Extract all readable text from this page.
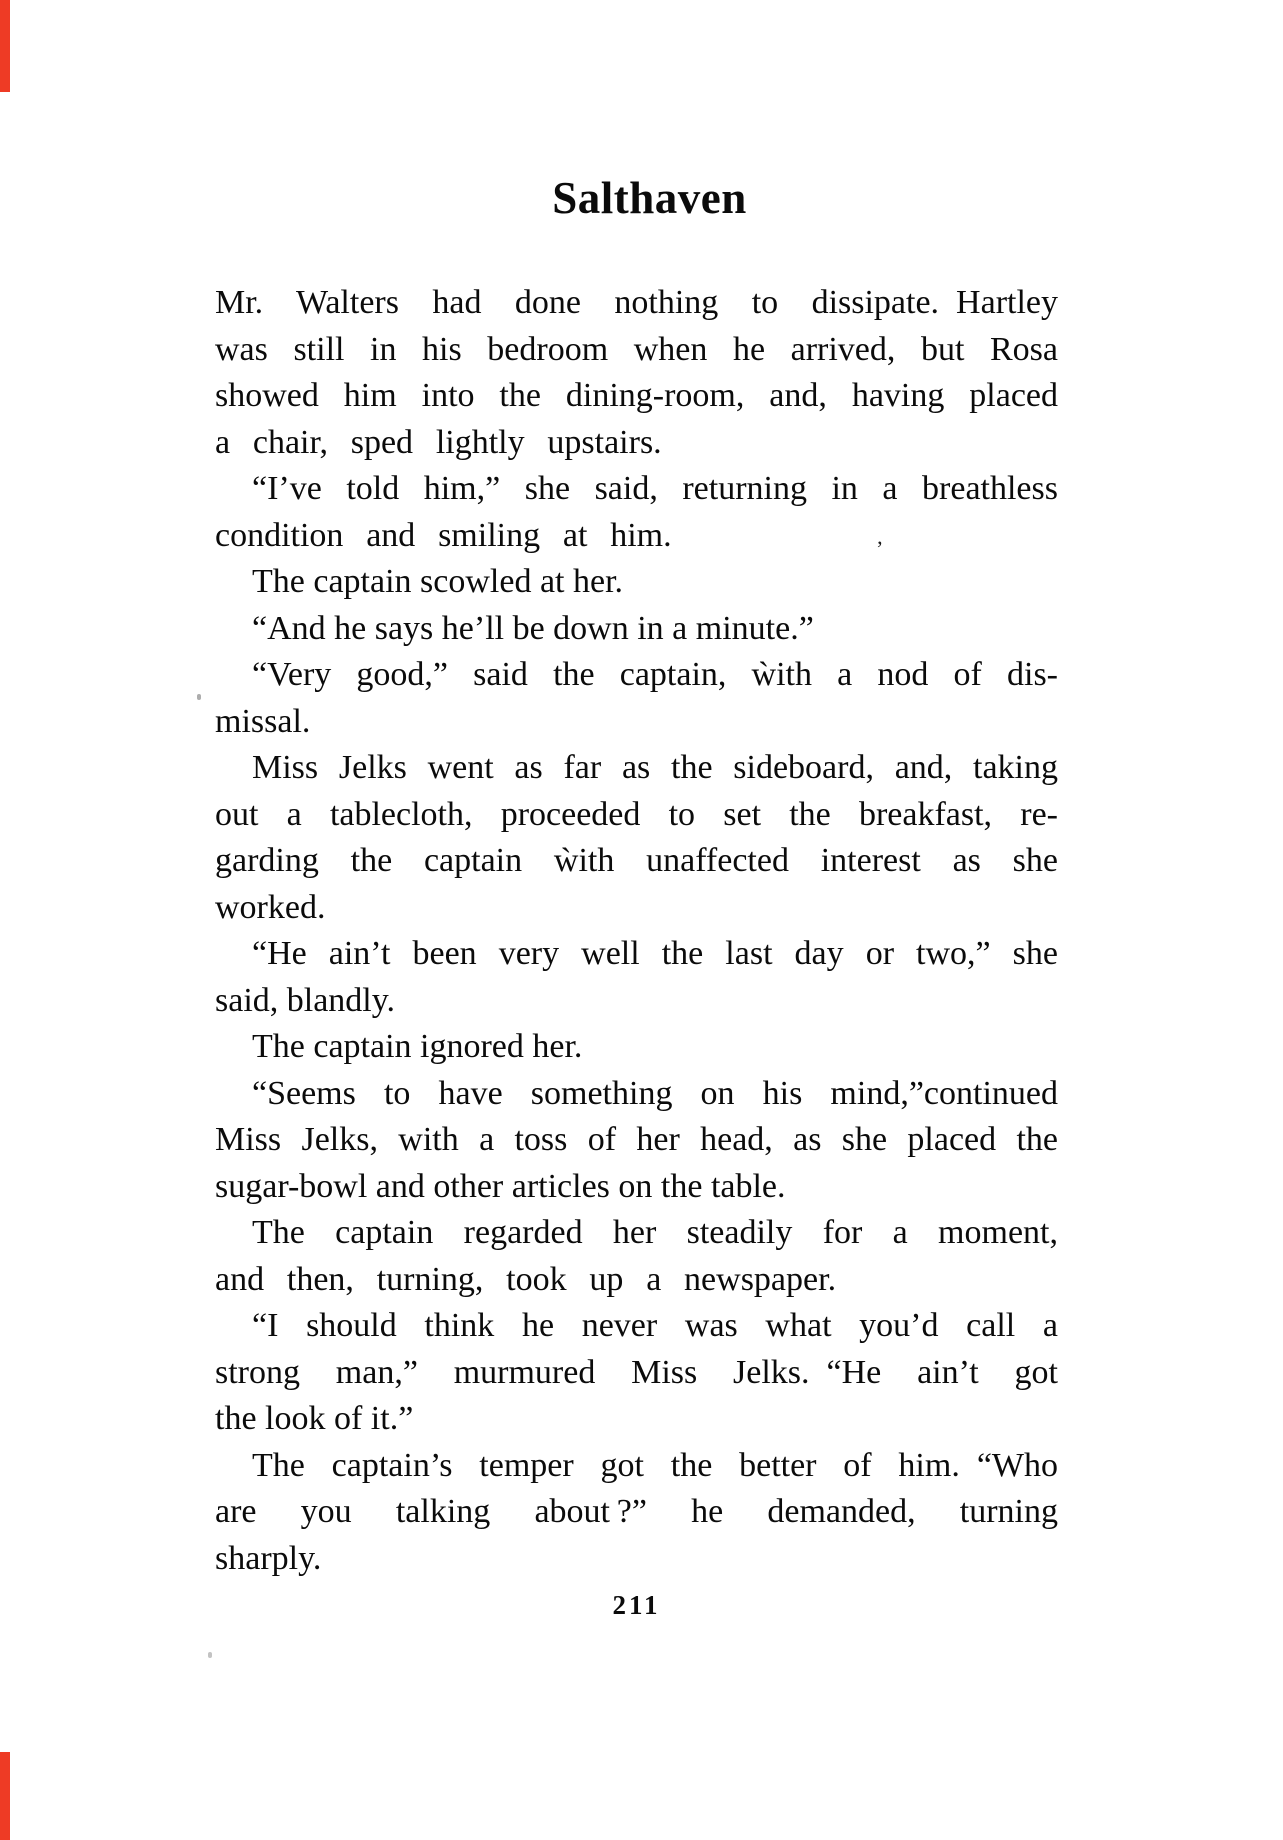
Salthaven
Mr. Walters had done nothing to dissipate. Hartley
was still in his bedroom when he arrived, but Rosa
showed him into the dining-room, and, having placed
a chair, sped lightly upstairs.
“I’ve told him,” she said, returning in a breathless
condition and smiling at him.
The captain scowled at her.
“And he says he’ll be down in a minute.”
“Very good,” said the captain, ẁith a nod of dis-
missal.
Miss Jelks went as far as the sideboard, and, taking
out a tablecloth, proceeded to set the breakfast, re-
garding the captain ẁith unaffected interest as she
worked.
“He ain’t been very well the last day or two,” she
said, blandly.
The captain ignored her.
“Seems to have something on his mind,”continued
Miss Jelks, with a toss of her head, as she placed the
sugar-bowl and other articles on the table.
The captain regarded her steadily for a moment,
and then, turning, took up a newspaper.
“I should think he never was what you’d call a
strong man,” murmured Miss Jelks. “He ain’t got
the look of it.”
The captain’s temper got the better of him. “Who
are you talking about ?” he demanded, turning
sharply.
’
211
